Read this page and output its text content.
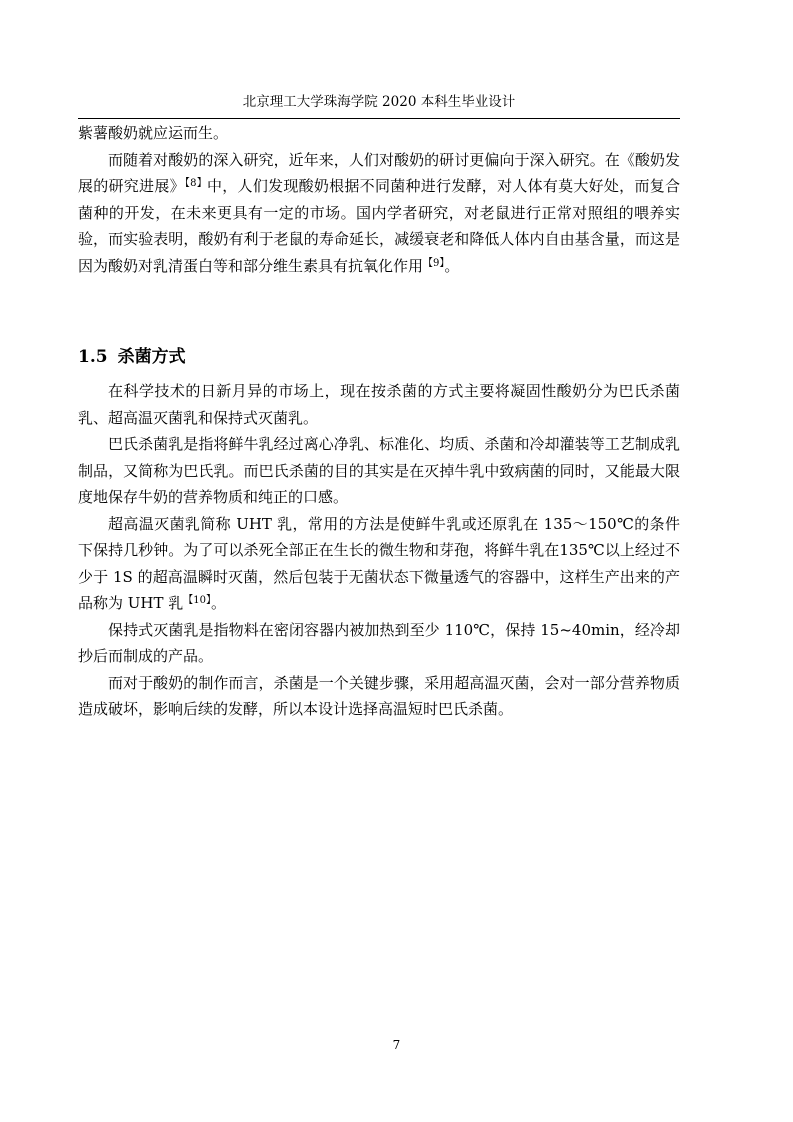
北京理工大学珠海学院 2020 本科生毕业设计

紫薯酸奶就应运而生。

而随着对酸奶的深入研究，近年来，人们对酸奶的研讨更偏向于深入研究。在《酸奶发展的研究进展》$^{【8】}$中，人们发现酸奶根据不同菌种进行发酵，对人体有莫大好处，而复合菌种的开发，在未来更具有一定的市场。国内学者研究，对老鼠进行正常对照组的喂养实验，而实验表明，酸奶有利于老鼠的寿命延长，减缓衰老和降低人体内自由基含量，而这是因为酸奶对乳清蛋白等和部分维生素具有抗氧化作用$^{【9】}$。

1.5 杀菌方式

在科学技术的日新月异的市场上，现在按杀菌的方式主要将凝固性酸奶分为巴氏杀菌乳、超高温灭菌乳和保持式灭菌乳。

巴氏杀菌乳是指将鲜牛乳经过离心净乳、标准化、均质、杀菌和冷却灌装等工艺制成乳制品，又简称为巴氏乳。而巴氏杀菌的目的其实是在灭掉牛乳中致病菌的同时，又能最大限度地保存牛奶的营养物质和纯正的口感。

超高温灭菌乳简称 UHT 乳，常用的方法是使鲜牛乳或还原乳在 135～150℃的条件下保持几秒钟。为了可以杀死全部正在生长的微生物和芽孢，将鲜牛乳在135℃以上经过不少于 1S 的超高温瞬时灭菌，然后包装于无菌状态下微量透气的容器中，这样生产出来的产品称为 UHT 乳$^{【10】}$。

保持式灭菌乳是指物料在密闭容器内被加热到至少 110℃，保持 15~40min，经冷却抄后而制成的产品。

而对于酸奶的制作而言，杀菌是一个关键步骤，采用超高温灭菌，会对一部分营养物质造成破坏，影响后续的发酵，所以本设计选择高温短时巴氏杀菌。

7
